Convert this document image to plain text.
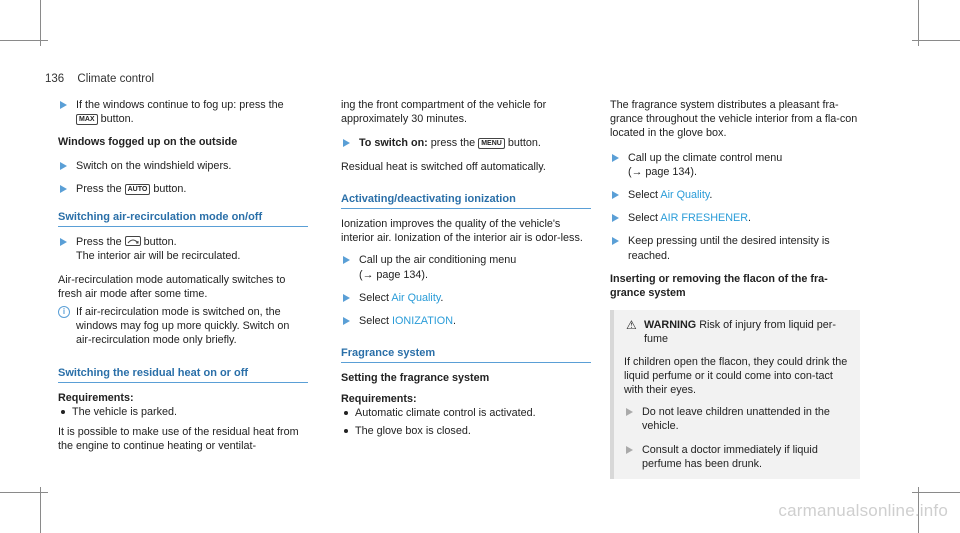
136 Climate control
If the windows continue to fog up: press the MAX button.

Windows fogged up on the outside

Switch on the windshield wipers.
Press the AUTO button.
Switching air-recirculation mode on/off
Press the button.
The interior air will be recirculated.

Air-recirculation mode automatically switches to fresh air mode after some time.

i	If air-recirculation mode is switched on, the windows may fog up more quickly. Switch on air-recirculation mode only briefly.
Switching the residual heat on or off

Requirements:

The vehicle is parked.

It is possible to make use of the residual heat from the engine to continue heating or ventilat-

ing the front compartment of the vehicle for approximately 30 minutes.

To switch on: press the MENU button.

Residual heat is switched off automatically.

Activating/deactivating ionization

Ionization improves the quality of the vehicle's interior air. Ionization of the interior air is odor-less.

Call up the air conditioning menu
(→ page 134).
Select Air Quality.
Select IONIZATION.
Fragrance system

Setting the fragrance system

Requirements:

Automatic climate control is activated.
The glove box is closed.

The fragrance system distributes a pleasant fra-grance throughout the vehicle interior from a fla-con located in the glove box.

Call up the climate control menu
(→ page 134).
Select Air Quality.
Select AIR FRESHENER.
Keep pressing until the desired intensity is reached.

Inserting or removing the flacon of the fra-grance system

⚠ WARNING Risk of injury from liquid per-fume

If children open the flacon, they could drink the liquid perfume or it could come into con-tact with their eyes.

Do not leave children unattended in the vehicle.
Consult a doctor immediately if liquid perfume has been drunk.
carmanualsonline.info
